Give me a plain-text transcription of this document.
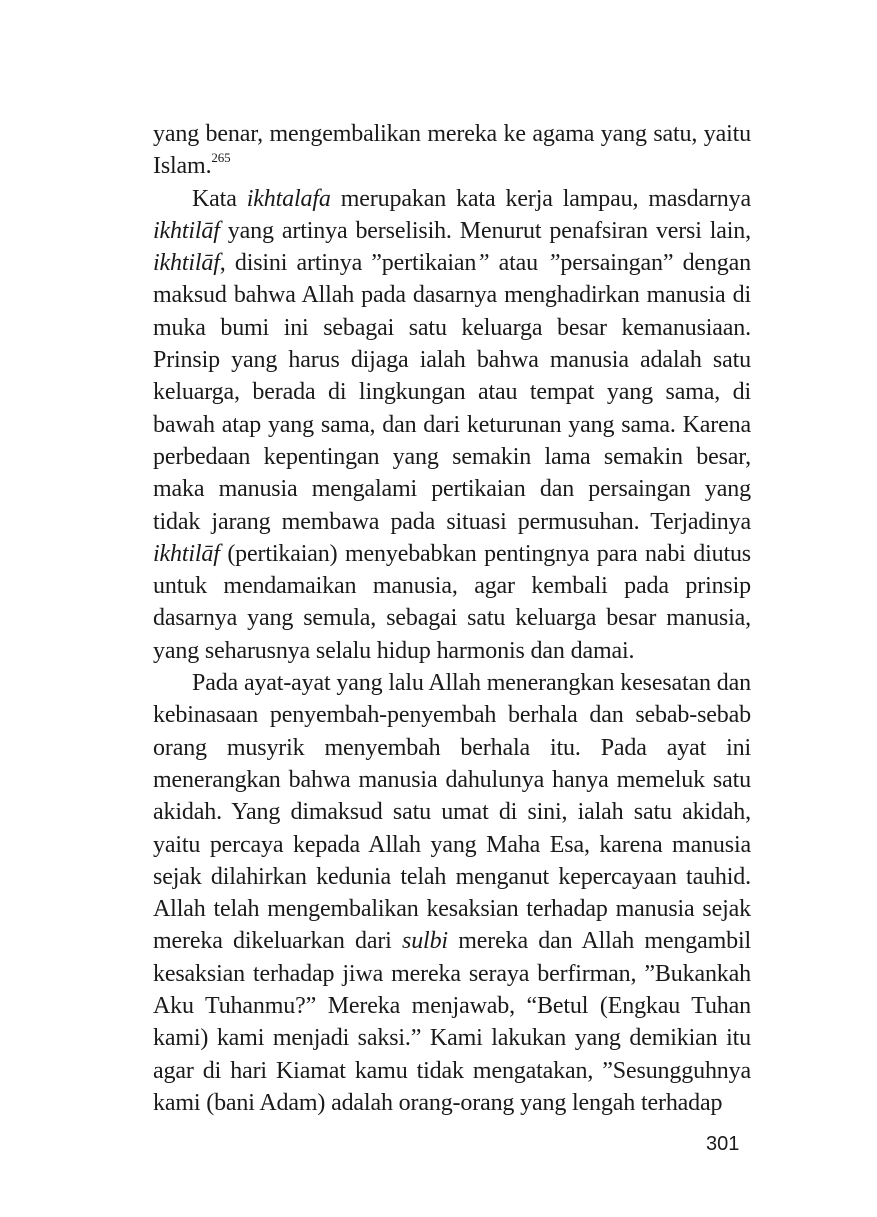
yang benar, mengembalikan mereka ke agama yang satu, yaitu Islam.$^{265}$

Kata ikhtalafa merupakan kata kerja lampau, masdarnya ikhtilāf yang artinya berselisih. Menurut penafsiran versi lain, ikhtilāf, disini artinya ”pertikaian” atau ”persaingan” dengan maksud bahwa Allah pada dasarnya menghadirkan manusia di muka bumi ini sebagai satu keluarga besar kemanusiaan. Prinsip yang harus dijaga ialah bahwa manusia adalah satu keluarga, berada di lingkungan atau tempat yang sama, di bawah atap yang sama, dan dari keturunan yang sama. Karena perbedaan kepentingan yang semakin lama semakin besar, maka manusia mengalami pertikaian dan persaingan yang tidak jarang membawa pada situasi permusuhan. Terjadinya ikhtilāf (pertikaian) menyebabkan pentingnya para nabi diutus untuk mendamaikan manusia, agar kembali pada prinsip dasarnya yang semula, sebagai satu keluarga besar manusia, yang seharusnya selalu hidup harmonis dan damai.

Pada ayat-ayat yang lalu Allah menerangkan kesesatan dan kebinasaan penyembah-penyembah berhala dan sebab-sebab orang musyrik menyembah berhala itu. Pada ayat ini menerangkan bahwa manusia dahulunya hanya memeluk satu akidah. Yang dimaksud satu umat di sini, ialah satu akidah, yaitu percaya kepada Allah yang Maha Esa, karena manusia sejak dilahirkan kedunia telah menganut kepercayaan tauhid. Allah telah mengembalikan kesaksian terhadap manusia sejak mereka dikeluarkan dari sulbi mereka dan Allah mengambil kesaksian terhadap jiwa mereka seraya berfirman, ”Bukankah Aku Tuhanmu?” Mereka menjawab, “Betul (Engkau Tuhan kami) kami menjadi saksi.” Kami lakukan yang demikian itu agar di hari Kiamat kamu tidak mengatakan, ”Sesungguhnya kami (bani Adam) adalah orang-orang yang lengah terhadap

301
